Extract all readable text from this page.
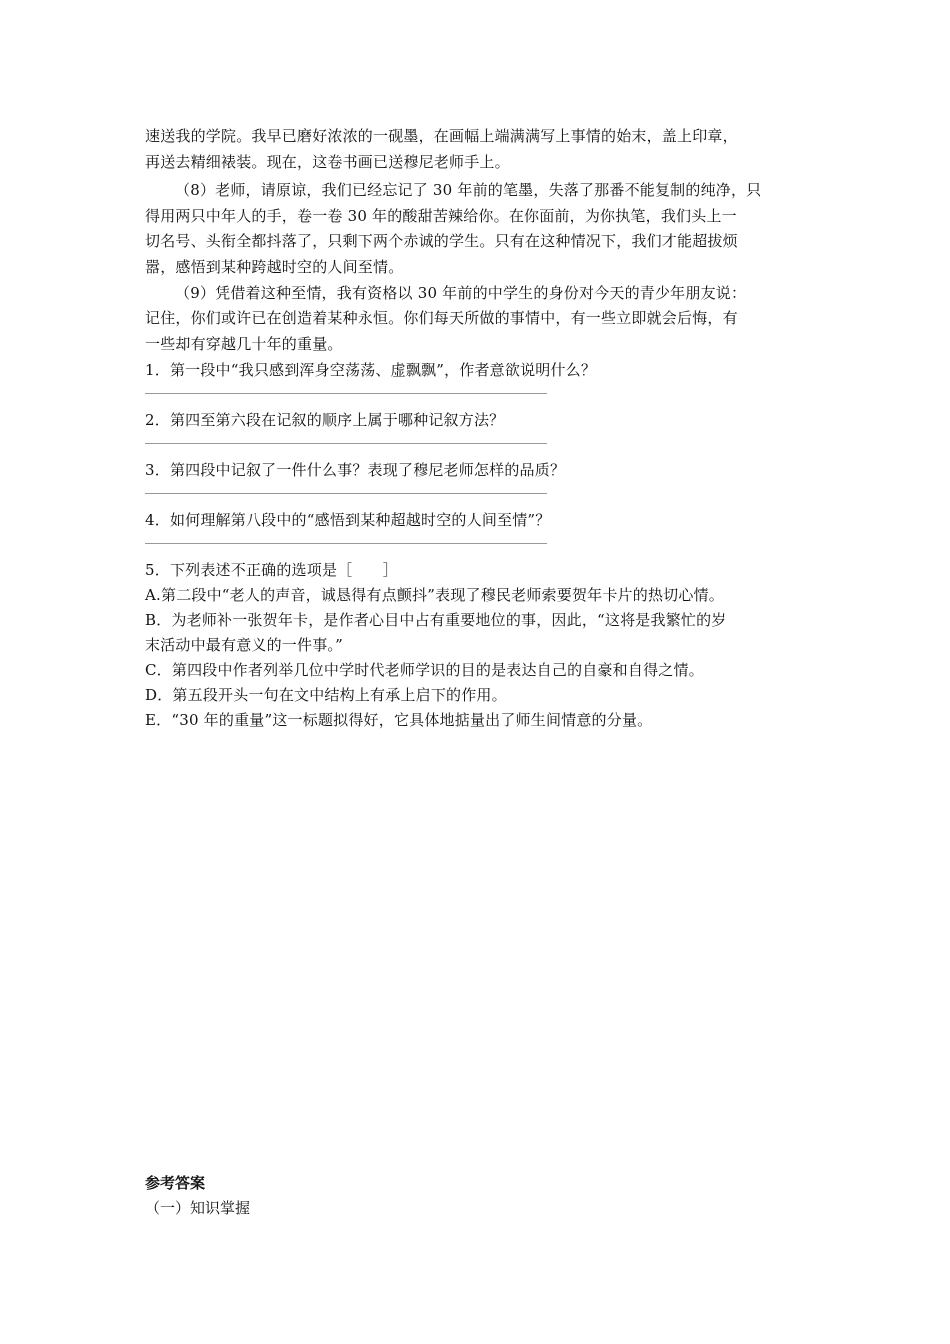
速送我的学院。我早已磨好浓浓的一砚墨，在画幅上端满满写上事情的始末，盖上印章，
再送去精细裱装。现在，这卷书画已送穆尼老师手上。
（8）老师，请原谅，我们已经忘记了 30 年前的笔墨，失落了那番不能复制的纯净，只
得用两只中年人的手，卷一卷 30 年的酸甜苦辣给你。在你面前，为你执笔，我们头上一
切名号、头衔全都抖落了，只剩下两个赤诚的学生。只有在这种情况下，我们才能超拔烦
嚣，感悟到某种跨越时空的人间至情。
（9）凭借着这种至情，我有资格以 30 年前的中学生的身份对今天的青少年朋友说：
记住，你们或许已在创造着某种永恒。你们每天所做的事情中，有一些立即就会后悔，有
一些却有穿越几十年的重量。
1．第一段中“我只感到浑身空荡荡、虚飘飘”，作者意欲说明什么？
2．第四至第六段在记叙的顺序上属于哪种记叙方法？
3．第四段中记叙了一件什么事？表现了穆尼老师怎样的品质？
4．如何理解第八段中的“感悟到某种超越时空的人间至情”？
5．下列表述不正确的选项是［　　］
A.第二段中“老人的声音，诚恳得有点颤抖”表现了穆民老师索要贺年卡片的热切心情。
B．为老师补一张贺年卡，是作者心目中占有重要地位的事，因此，“这将是我繁忙的岁
末活动中最有意义的一件事。”
C．第四段中作者列举几位中学时代老师学识的目的是表达自己的自豪和自得之情。
D．第五段开头一句在文中结构上有承上启下的作用。
E．“30 年的重量”这一标题拟得好，它具体地掂量出了师生间情意的分量。
参考答案
（一）知识掌握
